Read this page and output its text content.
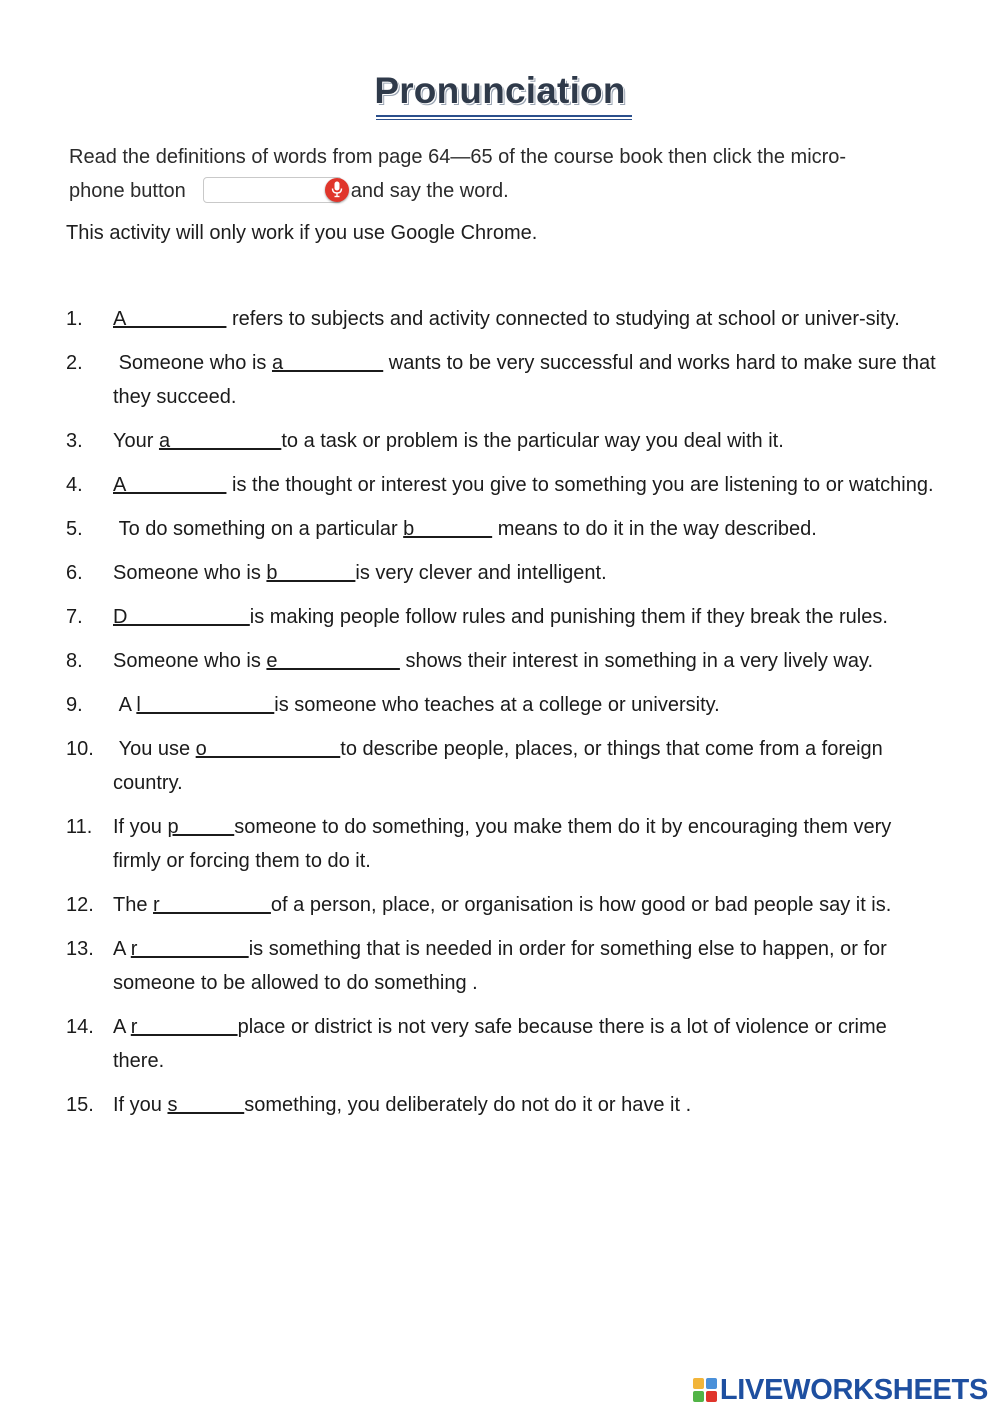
Pronunciation
Read the definitions of words from page 64—65 of the course book then click the micro-
phone button	and say the word.
This activity will only work if you use Google Chrome.
1.	A          refers to subjects and activity connected to studying at school or univer-sity.
2.	Someone who is a          wants to be very successful and works hard to make sure that they succeed.
3.	Your a          to a task or problem is the particular way you deal with it.
4.	A          is the thought or interest you give to something you are listening to or watching.
5.	To do something on a particular b        means to do it in the way described.
6.	Someone who is b       is very clever and intelligent.
7.	D           is making people follow rules and punishing them if they break the rules.
8.	Someone who is e            shows their interest in something in a very lively way.
9.	A l            is someone who teaches at a college or university.
10. You use o            to describe people, places, or things that come from a foreign country.
11.	If you p     someone to do something, you make them do it by encouraging them very firmly or forcing them to do it.
12. The r          of a person, place, or organisation is how good or bad people say it is.
13. A r          is something that is needed in order for something else to happen, or for someone to be allowed to do something .
14. A r         place or district is not very safe because there is a lot of violence or crime there.
15. If you s      something, you deliberately do not do it or have it .
LIVEWORKSHEETS
